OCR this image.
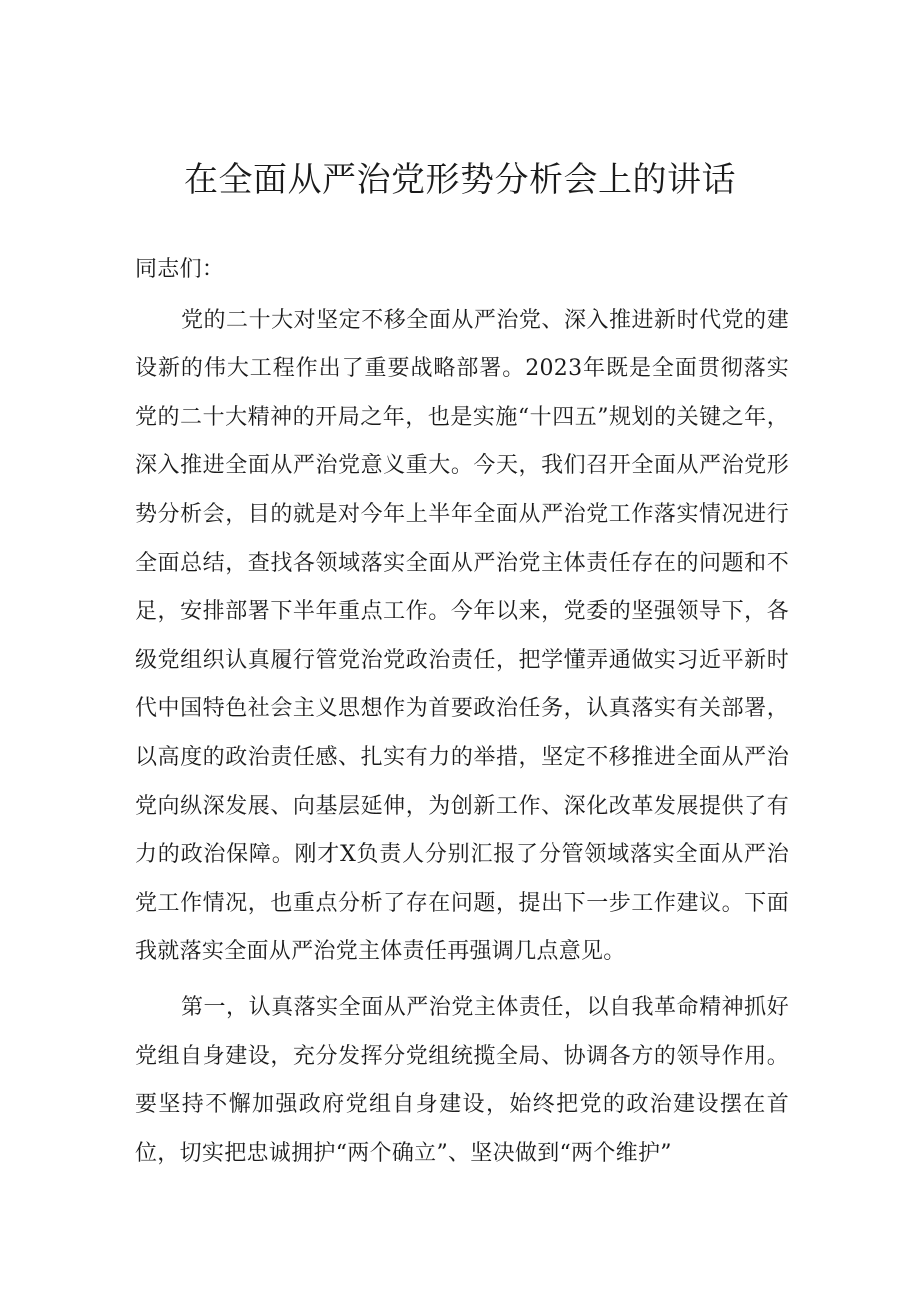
在全面从严治党形势分析会上的讲话

同志们：

党的二十大对坚定不移全面从严治党、深入推进新时代党的建设新的伟大工程作出了重要战略部署。2023年既是全面贯彻落实党的二十大精神的开局之年，也是实施“十四五”规划的关键之年，深入推进全面从严治党意义重大。今天，我们召开全面从严治党形势分析会，目的就是对今年上半年全面从严治党工作落实情况进行全面总结，查找各领域落实全面从严治党主体责任存在的问题和不足，安排部署下半年重点工作。今年以来，党委的坚强领导下，各级党组织认真履行管党治党政治责任，把学懂弄通做实习近平新时代中国特色社会主义思想作为首要政治任务，认真落实有关部署，以高度的政治责任感、扎实有力的举措，坚定不移推进全面从严治党向纵深发展、向基层延伸，为创新工作、深化改革发展提供了有力的政治保障。刚才X负责人分别汇报了分管领域落实全面从严治党工作情况，也重点分析了存在问题，提出下一步工作建议。下面我就落实全面从严治党主体责任再强调几点意见。

第一，认真落实全面从严治党主体责任，以自我革命精神抓好党组自身建设，充分发挥分党组统揽全局、协调各方的领导作用。要坚持不懈加强政府党组自身建设，始终把党的政治建设摆在首位，切实把忠诚拥护“两个确立”、坚决做到“两个维护”
